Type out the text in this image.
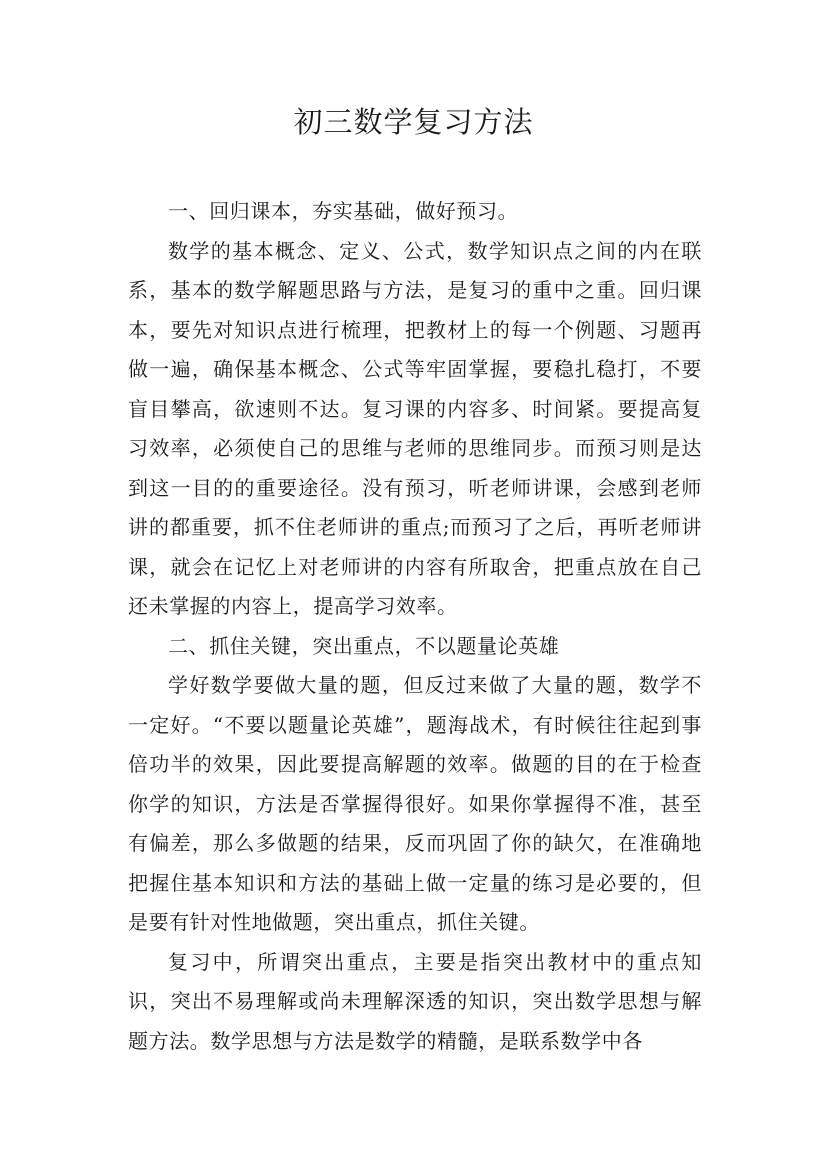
初三数学复习方法

一、回归课本，夯实基础，做好预习。

数学的基本概念、定义、公式，数学知识点之间的内在联系，基本的数学解题思路与方法，是复习的重中之重。回归课本，要先对知识点进行梳理，把教材上的每一个例题、习题再做一遍，确保基本概念、公式等牢固掌握，要稳扎稳打，不要盲目攀高，欲速则不达。复习课的内容多、时间紧。要提高复习效率，必须使自己的思维与老师的思维同步。而预习则是达到这一目的的重要途径。没有预习，听老师讲课，会感到老师讲的都重要，抓不住老师讲的重点;而预习了之后，再听老师讲课，就会在记忆上对老师讲的内容有所取舍，把重点放在自己还未掌握的内容上，提高学习效率。

二、抓住关键，突出重点，不以题量论英雄

学好数学要做大量的题，但反过来做了大量的题，数学不一定好。“不要以题量论英雄”，题海战术，有时候往往起到事倍功半的效果，因此要提高解题的效率。做题的目的在于检查你学的知识，方法是否掌握得很好。如果你掌握得不准，甚至有偏差，那么多做题的结果，反而巩固了你的缺欠，在准确地把握住基本知识和方法的基础上做一定量的练习是必要的，但是要有针对性地做题，突出重点，抓住关键。

复习中，所谓突出重点，主要是指突出教材中的重点知识，突出不易理解或尚未理解深透的知识，突出数学思想与解题方法。数学思想与方法是数学的精髓，是联系数学中各
